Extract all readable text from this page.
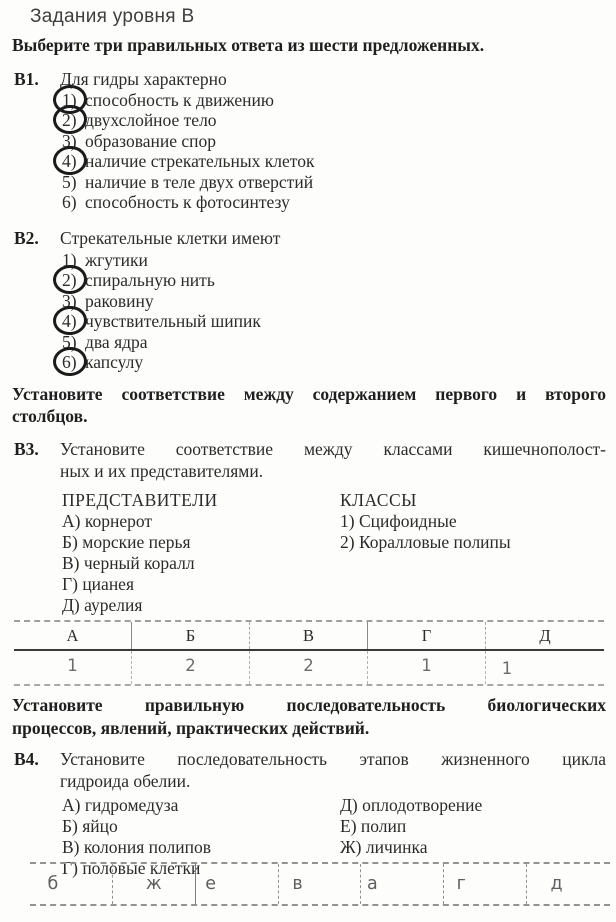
Задания уровня В
Выберите три правильных ответа из шести предложенных.
В1. Для гидры характерно
1) способность к движению
2) двухслойное тело
3) образование спор
4) наличие стрекательных клеток
5) наличие в теле двух отверстий
6) способность к фотосинтезу
В2. Стрекательные клетки имеют
1) жгутики
2) спиральную нить
3) раковину
4) чувствительный шипик
5) два ядра
6) капсулу
Установите соответствие между содержанием первого и второго
столбцов.
В3. Установите соответствие между классами кишечнополост-
ных и их представителями.
ПРЕДСТАВИТЕЛИ
А) корнерот
Б) морские перья
В) черный коралл
Г) цианея
Д) аурелия
КЛАССЫ
1) Сцифоидные
2) Коралловые полипы
А	Б	В	Г	Д
1	2	2	1	1
Установите правильную последовательность биологических
процессов, явлений, практических действий.
В4. Установите последовательность этапов жизненного цикла
гидроида обелии.
А) гидромедуза
Б) яйцо
В) колония полипов
Г) половые клетки
Д) оплодотворение
Е) полип
Ж) личинка
б	ж	е	в	а	г	д
